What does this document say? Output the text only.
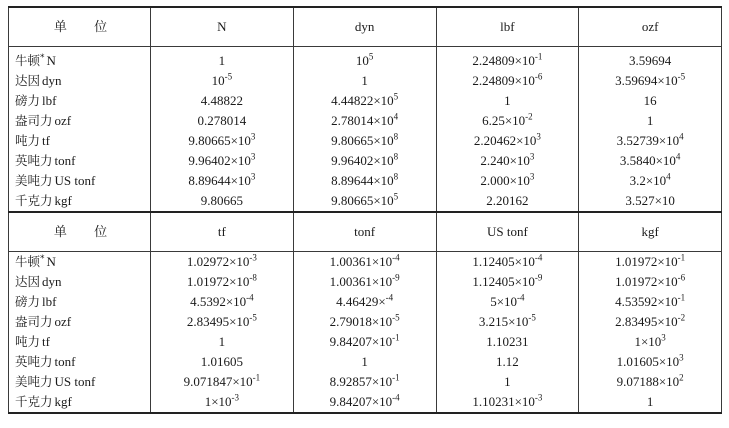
单 位	N	dyn	lbf	ozf
牛顿* N	1	$10^5$	$2.24809\times 10^{-1}$	3.59694
达因 dyn	$10^{-5}$	1	$2.24809\times 10^{-6}$	$3.59694\times 10^{-5}$
磅力 lbf	4.48822	$4.44822\times 10^5$	1	16
盎司力 ozf	0.278014	$2.78014\times 10^4$	$6.25\times 10^{-2}$	1
吨力 tf	$9.80665\times 10^3$	$9.80665\times 10^8$	$2.20462\times 10^3$	$3.52739\times 10^4$
英吨力 tonf	$9.96402\times 10^3$	$9.96402\times 10^8$	$2.240\times 10^3$	$3.5840\times 10^4$
美吨力 US tonf	$8.89644\times 10^3$	$8.89644\times 10^8$	$2.000\times 10^3$	$3.2\times 10^4$
千克力 kgf	9.80665	$9.80665\times 10^5$	2.20162	3.527×10
单 位	tf	tonf	US tonf	kgf
牛顿* N	$1.02972\times 10^{-3}$	$1.00361\times 10^{-4}$	$1.12405\times 10^{-4}$	$1.01972\times 10^{-1}$
达因 dyn	$1.01972\times 10^{-8}$	$1.00361\times 10^{-9}$	$1.12405\times 10^{-9}$	$1.01972\times 10^{-6}$
磅力 lbf	$4.5392\times 10^{-4}$	4.46429×$^{-4}$	$5\times 10^{-4}$	$4.53592\times 10^{-1}$
盎司力 ozf	$2.83495\times 10^{-5}$	$2.79018\times 10^{-5}$	$3.215\times 10^{-5}$	$2.83495\times 10^{-2}$
吨力 tf	1	$9.84207\times 10^{-1}$	1.10231	$1\times 10^3$
英吨力 tonf	1.01605	1	1.12	$1.01605\times 10^3$
美吨力 US tonf	$9.071847\times 10^{-1}$	$8.92857\times 10^{-1}$	1	$9.07188\times 10^2$
千克力 kgf	$1\times 10^{-3}$	$9.84207\times 10^{-4}$	$1.10231\times 10^{-3}$	1
